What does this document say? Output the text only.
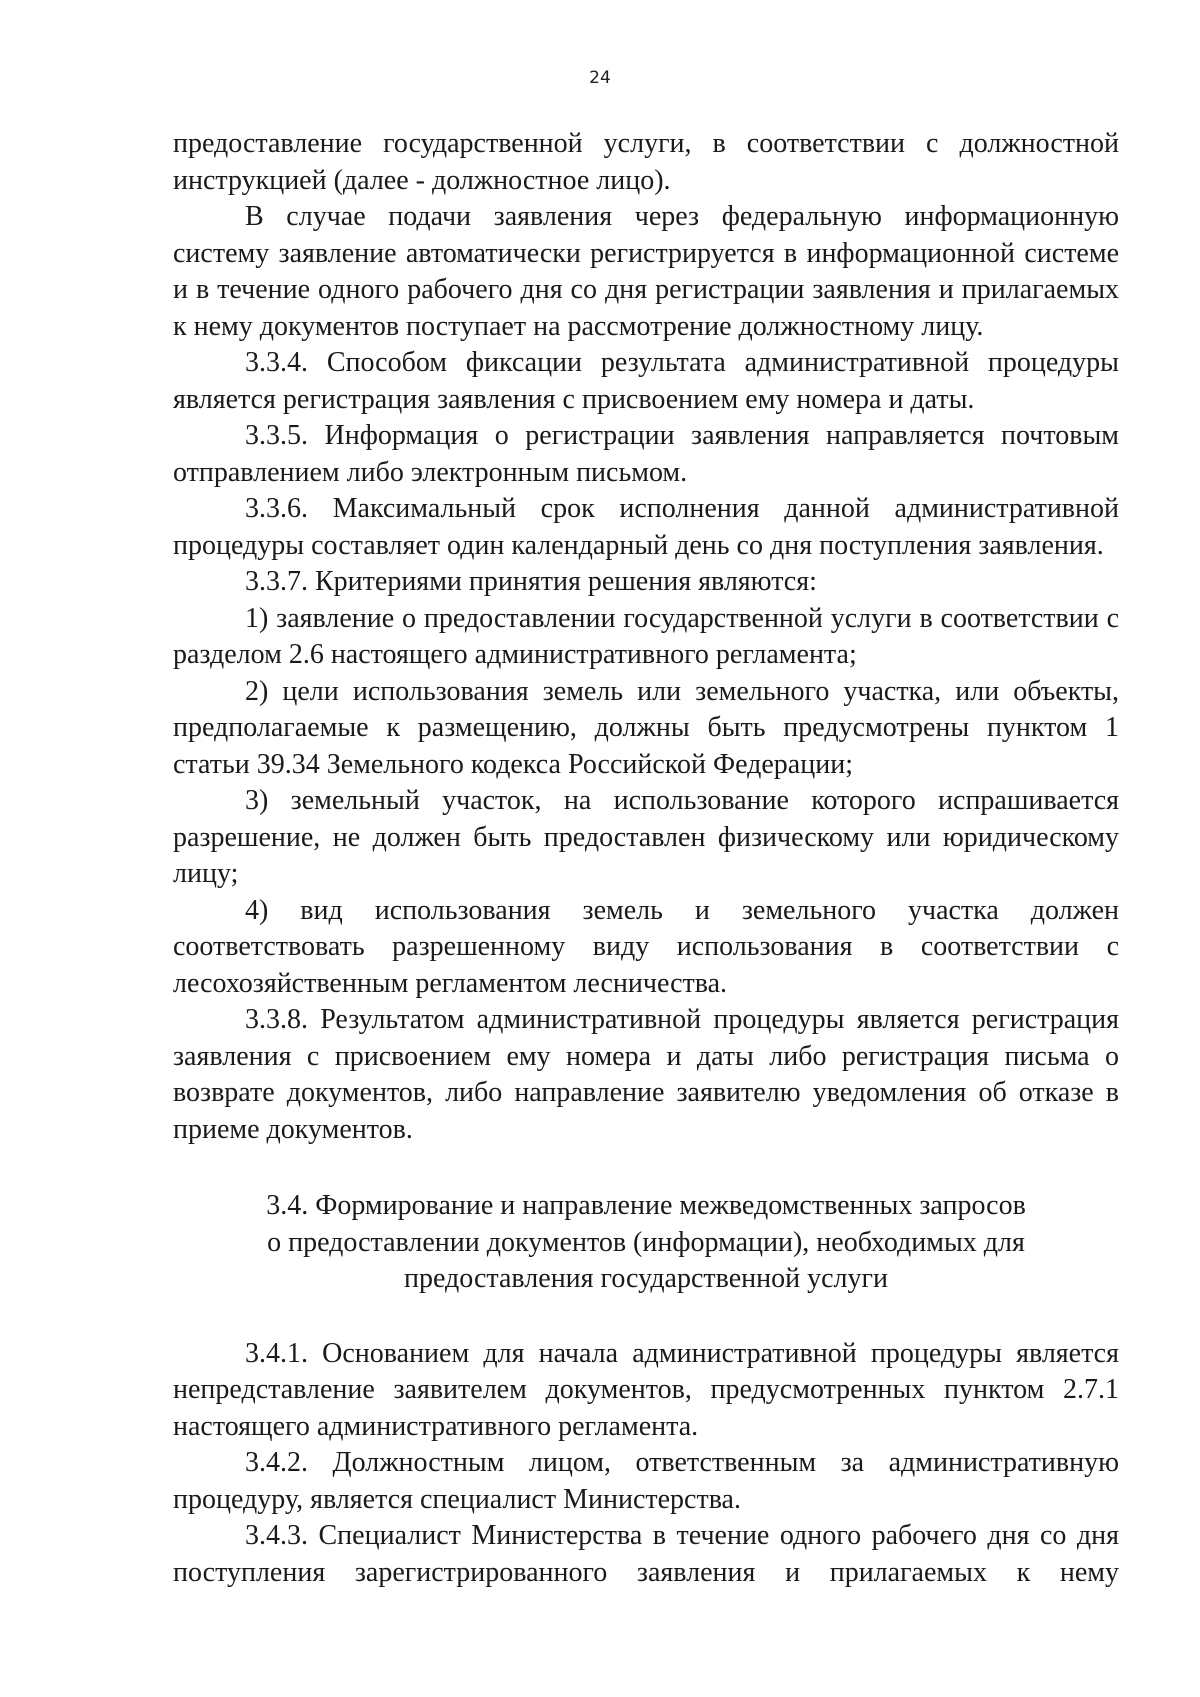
24

предоставление государственной услуги, в соответствии с должностной инструкцией (далее - должностное лицо).

В случае подачи заявления через федеральную информационную систему заявление автоматически регистрируется в информационной системе и в течение одного рабочего дня со дня регистрации заявления и прилагаемых к нему документов поступает на рассмотрение должностному лицу.

3.3.4. Способом фиксации результата административной процедуры является регистрация заявления с присвоением ему номера и даты.

3.3.5. Информация о регистрации заявления направляется почтовым отправлением либо электронным письмом.

3.3.6. Максимальный срок исполнения данной административной процедуры составляет один календарный день со дня поступления заявления.

3.3.7. Критериями принятия решения являются:

1) заявление о предоставлении государственной услуги в соответствии с разделом 2.6 настоящего административного регламента;

2) цели использования земель или земельного участка, или объекты, предполагаемые к размещению, должны быть предусмотрены пунктом 1 статьи 39.34 Земельного кодекса Российской Федерации;

3) земельный участок, на использование которого испрашивается разрешение, не должен быть предоставлен физическому или юридическому лицу;

4) вид использования земель и земельного участка должен соответствовать разрешенному виду использования в соответствии с лесохозяйственным регламентом лесничества.

3.3.8. Результатом административной процедуры является регистрация заявления с присвоением ему номера и даты либо регистрация письма о возврате документов, либо направление заявителю уведомления об отказе в приеме документов.

3.4. Формирование и направление межведомственных запросов
о предоставлении документов (информации), необходимых для
предоставления государственной услуги

3.4.1. Основанием для начала административной процедуры является непредставление заявителем документов, предусмотренных пунктом 2.7.1 настоящего административного регламента.

3.4.2. Должностным лицом, ответственным за административную процедуру, является специалист Министерства.

3.4.3. Специалист Министерства в течение одного рабочего дня со дня поступления зарегистрированного заявления и прилагаемых к нему
